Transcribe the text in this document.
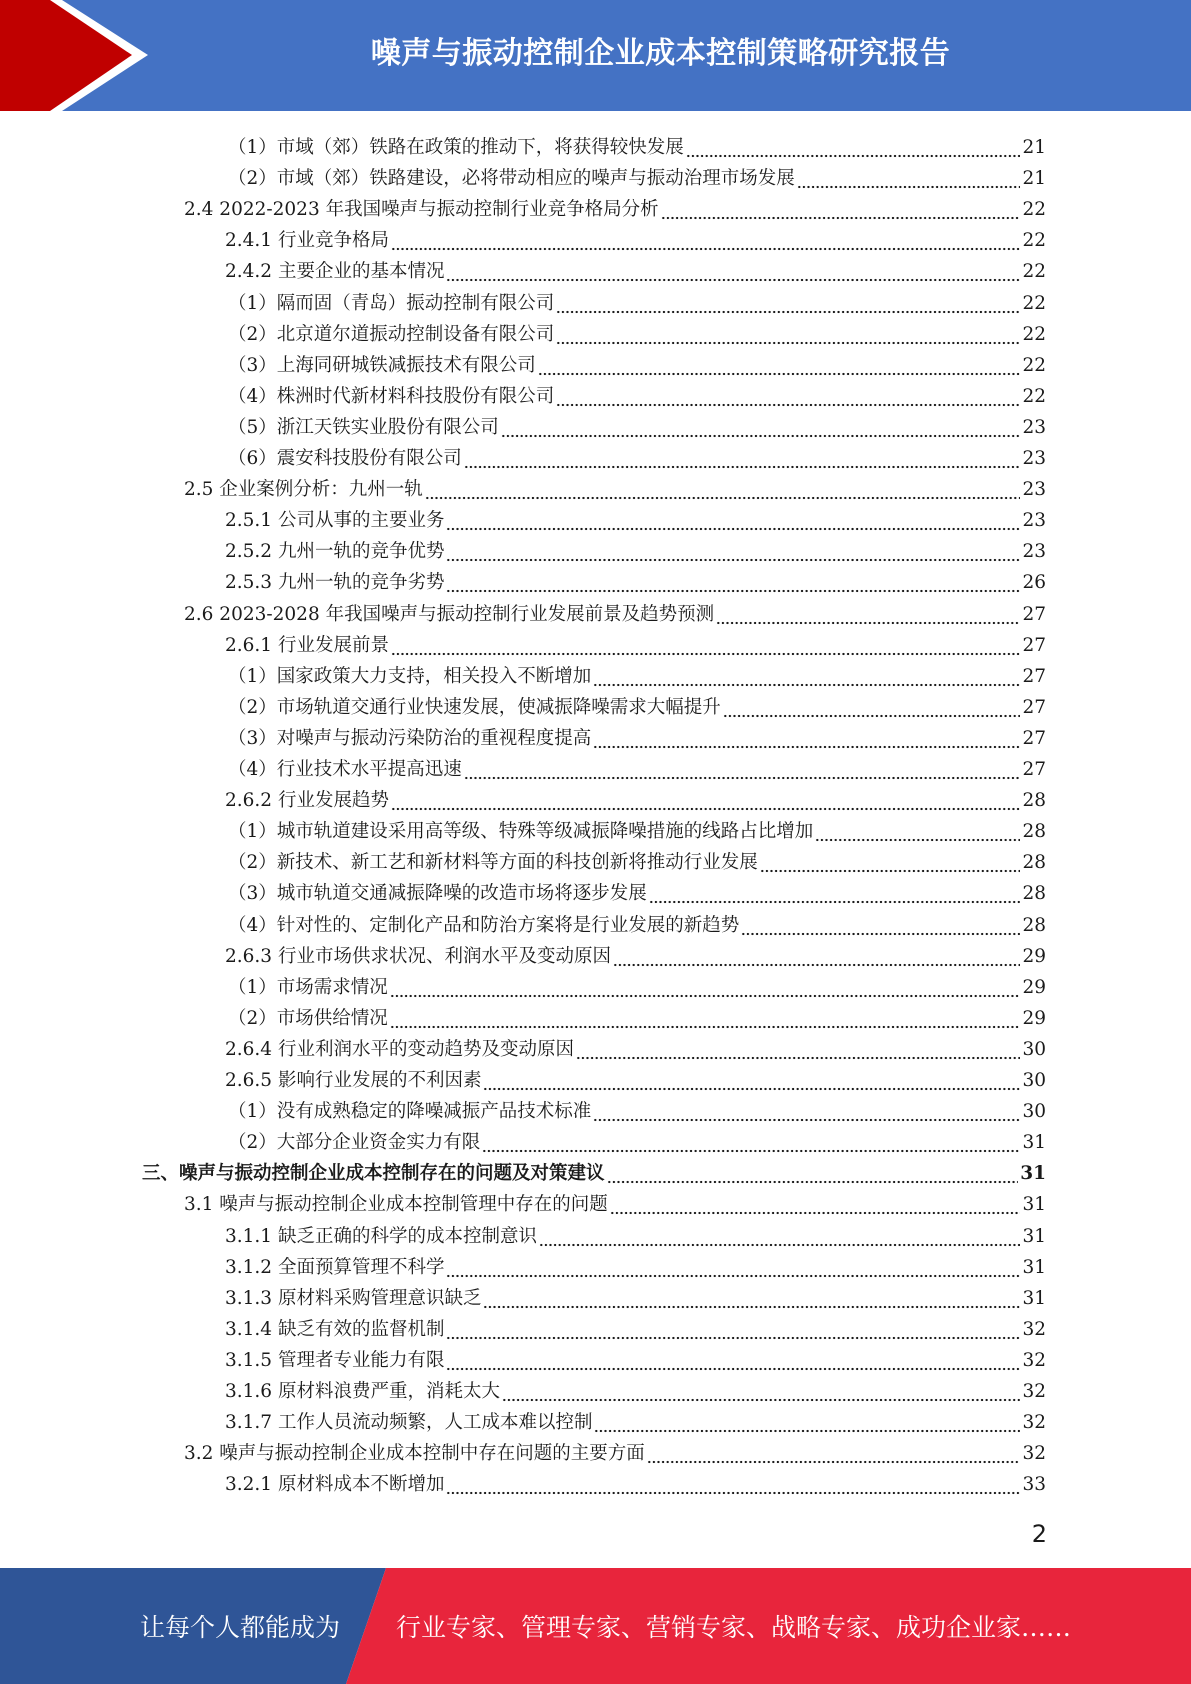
噪声与振动控制企业成本控制策略研究报告
（1）市域（郊）铁路在政策的推动下，将获得较快发展	21
（2）市域（郊）铁路建设，必将带动相应的噪声与振动治理市场发展	21
2.4 2022-2023 年我国噪声与振动控制行业竞争格局分析	22
2.4.1 行业竞争格局	22
2.4.2 主要企业的基本情况	22
（1）隔而固（青岛）振动控制有限公司	22
（2）北京道尔道振动控制设备有限公司	22
（3）上海同研城铁减振技术有限公司	22
（4）株洲时代新材料科技股份有限公司	22
（5）浙江天铁实业股份有限公司	23
（6）震安科技股份有限公司	23
2.5 企业案例分析：九州一轨	23
2.5.1 公司从事的主要业务	23
2.5.2 九州一轨的竞争优势	23
2.5.3 九州一轨的竞争劣势	26
2.6 2023-2028 年我国噪声与振动控制行业发展前景及趋势预测	27
2.6.1 行业发展前景	27
（1）国家政策大力支持，相关投入不断增加	27
（2）市场轨道交通行业快速发展，使减振降噪需求大幅提升	27
（3）对噪声与振动污染防治的重视程度提高	27
（4）行业技术水平提高迅速	27
2.6.2 行业发展趋势	28
（1）城市轨道建设采用高等级、特殊等级减振降噪措施的线路占比增加	28
（2）新技术、新工艺和新材料等方面的科技创新将推动行业发展	28
（3）城市轨道交通减振降噪的改造市场将逐步发展	28
（4）针对性的、定制化产品和防治方案将是行业发展的新趋势	28
2.6.3 行业市场供求状况、利润水平及变动原因	29
（1）市场需求情况	29
（2）市场供给情况	29
2.6.4 行业利润水平的变动趋势及变动原因	30
2.6.5 影响行业发展的不利因素	30
（1）没有成熟稳定的降噪减振产品技术标准	30
（2）大部分企业资金实力有限	31
三、噪声与振动控制企业成本控制存在的问题及对策建议	31
3.1 噪声与振动控制企业成本控制管理中存在的问题	31
3.1.1 缺乏正确的科学的成本控制意识	31
3.1.2 全面预算管理不科学	31
3.1.3 原材料采购管理意识缺乏	31
3.1.4 缺乏有效的监督机制	32
3.1.5 管理者专业能力有限	32
3.1.6 原材料浪费严重，消耗太大	32
3.1.7 工作人员流动频繁，人工成本难以控制	32
3.2 噪声与振动控制企业成本控制中存在问题的主要方面	32
3.2.1 原材料成本不断增加	33
2
让每个人都能成为 行业专家、管理专家、营销专家、战略专家、成功企业家……
